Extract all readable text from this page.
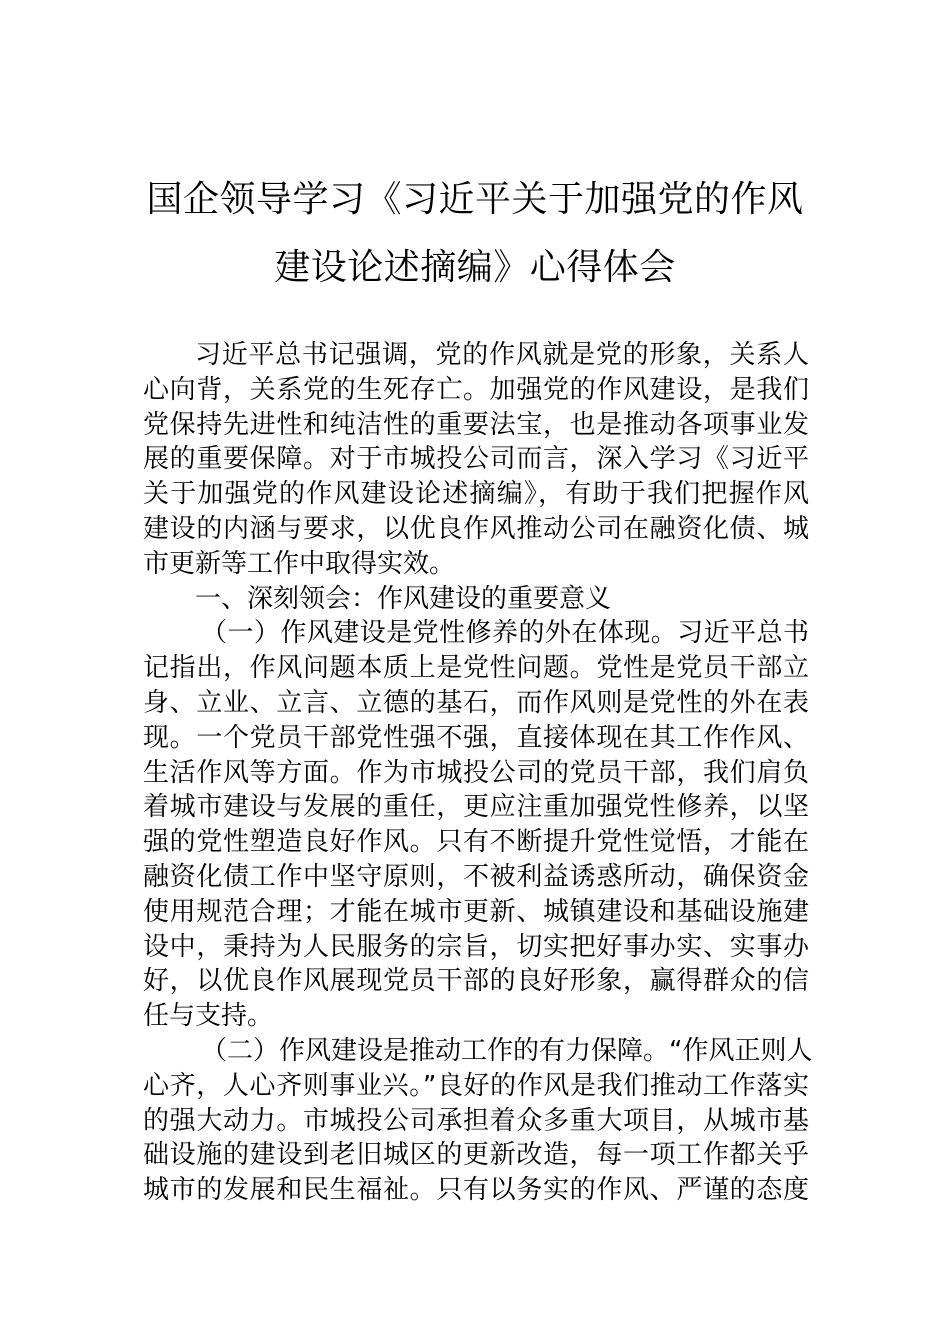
国企领导学习《习近平关于加强党的作风
建设论述摘编》心得体会
习近平总书记强调，党的作风就是党的形象，关系人
心向背，关系党的生死存亡。加强党的作风建设，是我们
党保持先进性和纯洁性的重要法宝，也是推动各项事业发
展的重要保障。对于市城投公司而言，深入学习《习近平
关于加强党的作风建设论述摘编》，有助于我们把握作风
建设的内涵与要求，以优良作风推动公司在融资化债、城
市更新等工作中取得实效。
一、深刻领会：作风建设的重要意义
（一）作风建设是党性修养的外在体现。习近平总书
记指出，作风问题本质上是党性问题。党性是党员干部立
身、立业、立言、立德的基石，而作风则是党性的外在表
现。一个党员干部党性强不强，直接体现在其工作作风、
生活作风等方面。作为市城投公司的党员干部，我们肩负
着城市建设与发展的重任，更应注重加强党性修养，以坚
强的党性塑造良好作风。只有不断提升党性觉悟，才能在
融资化债工作中坚守原则，不被利益诱惑所动，确保资金
使用规范合理；才能在城市更新、城镇建设和基础设施建
设中，秉持为人民服务的宗旨，切实把好事办实、实事办
好，以优良作风展现党员干部的良好形象，赢得群众的信
任与支持。
（二）作风建设是推动工作的有力保障。“作风正则人
心齐，人心齐则事业兴。”良好的作风是我们推动工作落实
的强大动力。市城投公司承担着众多重大项目，从城市基
础设施的建设到老旧城区的更新改造，每一项工作都关乎
城市的发展和民生福祉。只有以务实的作风、严谨的态度
